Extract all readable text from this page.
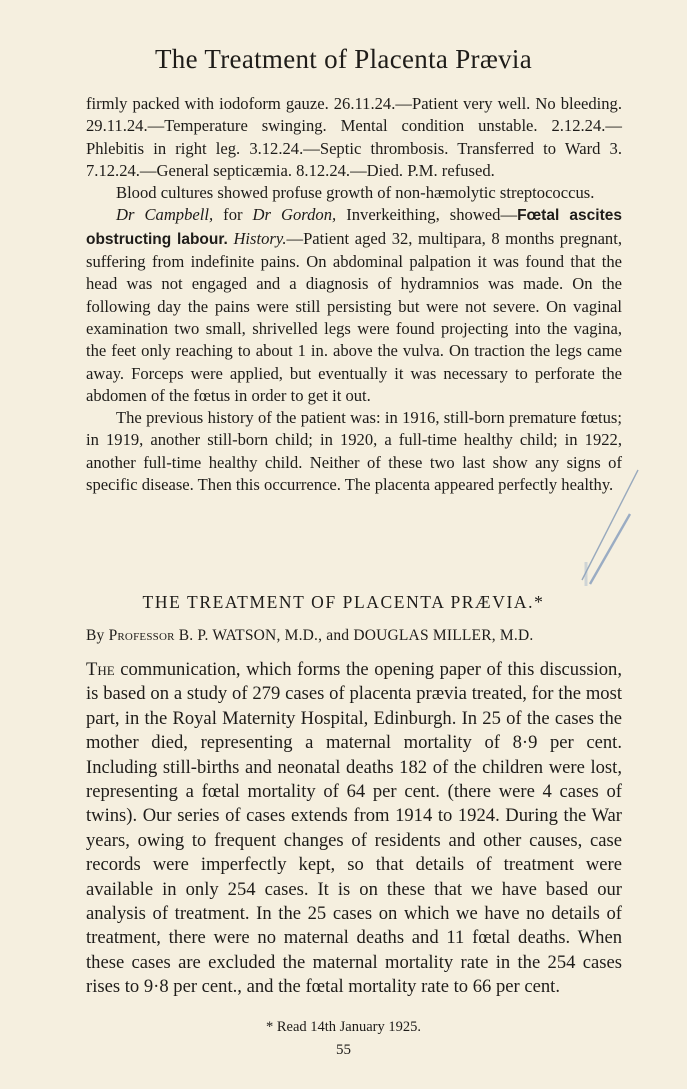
The Treatment of Placenta Prævia

firmly packed with iodoform gauze. 26.11.24.—Patient very well. No bleeding. 29.11.24.—Temperature swinging. Mental condition unstable. 2.12.24.—Phlebitis in right leg. 3.12.24.—Septic thrombosis. Transferred to Ward 3. 7.12.24.—General septicæmia. 8.12.24.—Died. P.M. refused.

Blood cultures showed profuse growth of non-hæmolytic streptococcus.

Dr Campbell, for Dr Gordon, Inverkeithing, showed—Fœtal ascites obstructing labour. History.—Patient aged 32, multipara, 8 months pregnant, suffering from indefinite pains. On abdominal palpation it was found that the head was not engaged and a diagnosis of hydramnios was made. On the following day the pains were still persisting but were not severe. On vaginal examination two small, shrivelled legs were found projecting into the vagina, the feet only reaching to about 1 in. above the vulva. On traction the legs came away. Forceps were applied, but eventually it was necessary to perforate the abdomen of the fœtus in order to get it out.

The previous history of the patient was: in 1916, still-born premature fœtus; in 1919, another still-born child; in 1920, a full-time healthy child; in 1922, another full-time healthy child. Neither of these two last show any signs of specific disease. Then this occurrence. The placenta appeared perfectly healthy.

THE TREATMENT OF PLACENTA PRÆVIA.*
By Professor B. P. WATSON, M.D., and DOUGLAS MILLER, M.D.

The communication, which forms the opening paper of this discussion, is based on a study of 279 cases of placenta prævia treated, for the most part, in the Royal Maternity Hospital, Edinburgh. In 25 of the cases the mother died, representing a maternal mortality of 8·9 per cent. Including still-births and neonatal deaths 182 of the children were lost, representing a fœtal mortality of 64 per cent. (there were 4 cases of twins). Our series of cases extends from 1914 to 1924. During the War years, owing to frequent changes of residents and other causes, case records were imperfectly kept, so that details of treatment were available in only 254 cases. It is on these that we have based our analysis of treatment. In the 25 cases on which we have no details of treatment, there were no maternal deaths and 11 fœtal deaths. When these cases are excluded the maternal mortality rate in the 254 cases rises to 9·8 per cent., and the fœtal mortality rate to 66 per cent.

* Read 14th January 1925.
55
